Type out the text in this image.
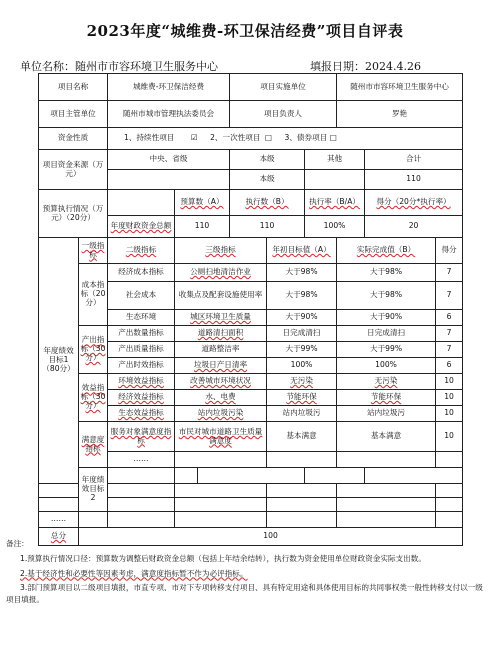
2023年度“城维费-环卫保洁经费”项目自评表
单位名称：随州市市容环境卫生服务中心	填报日期：2024.4.26
项目名称		城维费-环卫保洁经费			项目实施单位			随州市市容环境卫生服务中心			
项目主管单位		随州市城市管理执法委员会			项目负责人			罗艳			
资金性质		1、持续性项目 ☑ 2、一次性项目 □ 3、债券项目 □									
项目资金来源（万元）		中央、省级			本级		其他		合计		
					本级				110		
预算执行情况（万元）（20分）			预算数（A）		执行数（B）		执行率（B/A）		得分（20分*执行率）		
		年度财政资金总额	110		110		100%		20		
年度绩效目标1（80分）	一级指标	二级指标	三级指标			年初目标值（A）		实际完成值（B）		得分	
	成本指标（20分）	经济成本指标	公厕扫地清洁作业			大于98%		大于98%		7	
		社会成本	收集点及配套设施使用率			大于98%		大于98%		7	
		生态环境	城区环境卫生质量			大于90%		大于90%		6	
	产出指标（30分）	产出数量指标	道路清扫面积			日完成清扫		日完成清扫		7	
		产出质量指标	道路整洁率			大于99%		大于99%		7	
		产出时效指标	垃圾日产日清率			100%		100%		6	
	效益指标（30分）	环境效益指标	改善城市环境状况			无污染		无污染		10	
		经济效益指标	水、电费			节能环保		节能环保		10	
		生态效益指标	站内垃圾污染			站内垃圾污		站内垃圾污		10	
	满意度指标	服务对象满意度指标	市民对城市道路卫生质量满意度			基本满意		基本满意		10	
		……									
	年度绩效目标2										

……											
总分	100										

备注：

1.预算执行情况口径：预算数为调整后财政资金总额（包括上年结余结转），执行数为资金使用单位财政资金实际支出数。

2.基于经济性和必要性等因素考虑，满意度指标暂不作为必评指标。

3.部门预算项目以二级项目填报，市直专项、市对下专项转移支付项目、具有特定用途和具体使用目标的共同事权类一般性转移支付以一级项目填报。
